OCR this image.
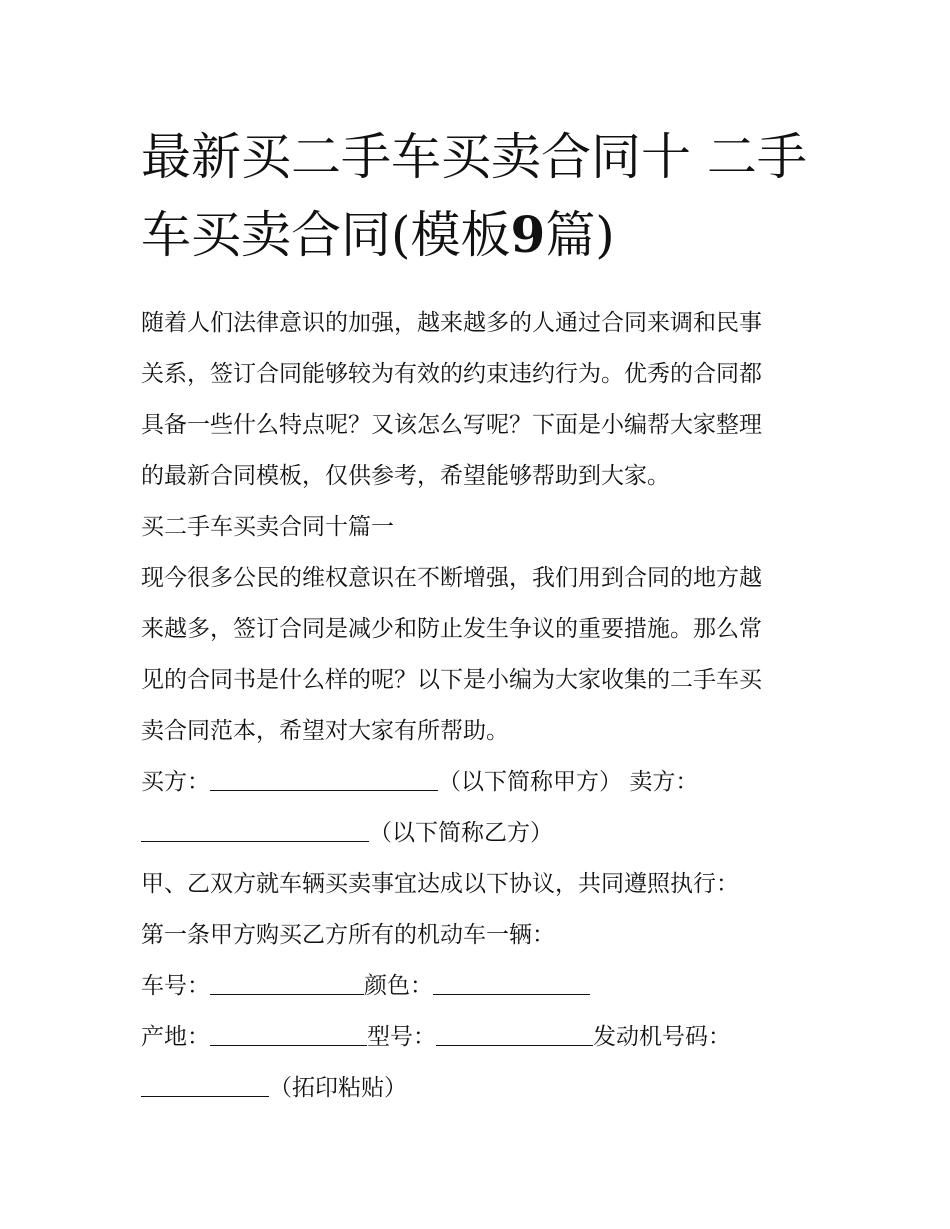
最新买二手车买卖合同十 二手
车买卖合同(模板9篇)

随着人们法律意识的加强，越来越多的人通过合同来调和民事

关系，签订合同能够较为有效的约束违约行为。优秀的合同都

具备一些什么特点呢？又该怎么写呢？下面是小编帮大家整理

的最新合同模板，仅供参考，希望能够帮助到大家。

买二手车买卖合同十篇一

现今很多公民的维权意识在不断增强，我们用到合同的地方越

来越多，签订合同是减少和防止发生争议的重要措施。那么常

见的合同书是什么样的呢？以下是小编为大家收集的二手车买

卖合同范本，希望对大家有所帮助。

买方：	（以下简称甲方） 卖方：

（以下简称乙方）

甲、乙双方就车辆买卖事宜达成以下协议，共同遵照执行：

第一条甲方购买乙方所有的机动车一辆：

车号：	颜色：

产地：	型号：	发动机号码：

（拓印粘贴）
